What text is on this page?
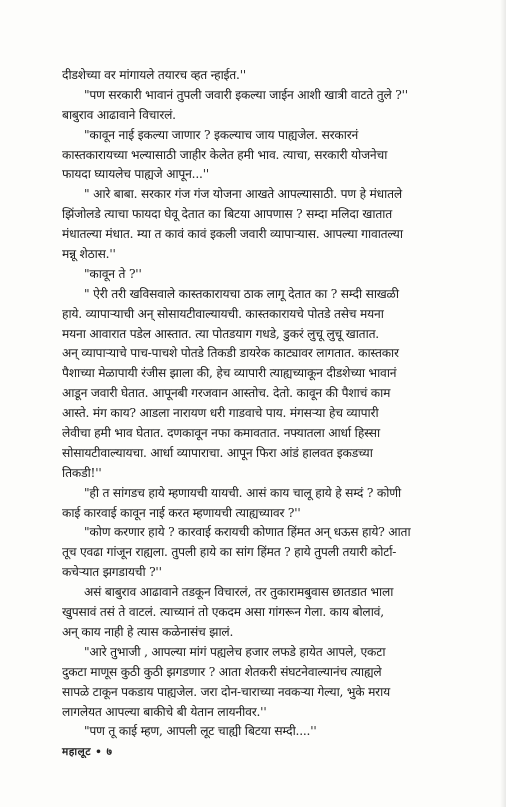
दीडशेच्या वर मांगायले तयारच व्हत न्हाईत.''
"पण सरकारी भावानं तुपली जवारी इकल्या जाईन आशी खात्री वाटते तुले ?''
बाबुराव आढावाने विचारलं.
"कावून नाई इकल्या जाणार ? इकल्याच जाय पाह्यजेल. सरकारनं
कास्तकारायच्या भल्यासाठी जाहीर केलेत हमी भाव. त्याचा, सरकारी योजनेचा
फायदा घ्यायलेच पाह्यजे आपून...''
" आरे बाबा. सरकार गंज गंज योजना आखते आपल्यासाठी. पण हे मंधातले
झिंजोलडे त्याचा फायदा घेवू देतात का बिटया आपणास ? सम्दा मलिदा खातात
मंधातल्या मंधात. म्या त कावं कावं इकली जवारी व्यापाऱ्यास. आपल्या गावातल्या
मन्नू शेठास.''
"कावून ते ?''
" ऐरी तरी खविसवाले कास्तकारायचा ठाक लागू देतात का ? सम्दी साखळी
हाये. व्यापाऱ्याची अन् सोसायटीवाल्यायची. कास्तकारायचे पोतडे तसेच मयना
मयना आवारात पडेल आस्तात. त्या पोतडयाग गधडे, डुकरं लुचू लुचू खातात.
अन् व्यापाऱ्याचे पाच-पाचशे पोतडे तिकडी डायरेक काट्यावर लागतात. कास्तकार
पैशाच्या मेळापायी रंजीस झाला की, हेच व्यापारी त्याह्यच्याकून दीडशेच्या भावानं
आडून जवारी घेतात. आपूनबी गरजवान आस्तोच. देतो. कावून की पैशाचं काम
आस्ते. मंग काय? आडला नारायण धरी गाडवाचे पाय. मंगसऱ्या हेच व्यापारी
लेवीचा हमी भाव घेतात. दणकावून नफा कमावतात. नफ्यातला आर्धा हिस्सा
सोसायटीवाल्यायचा. आर्धा व्यापाराचा. आपून फिरा आंडं हालवत इकडच्या
तिकडी!''
"ही त सांगडच हाये म्हणायची यायची. आसं काय चालू हाये हे सम्दं ? कोणी
काई कारवाई कावून नाई करत म्हणायची त्याह्यच्यावर ?''
"कोण करणार हाये ? कारवाई करायची कोणात हिंमत अन् धऊस हाये? आता
तूच एवढा गांजून राह्यला. तुपली हाये का सांग हिंमत ? हाये तुपली तयारी कोर्टा-
कचेऱ्यात झगडायची ?''
असं बाबुराव आढावाने तडकून विचारलं, तर तुकारामबुवास छातडात भाला
खुपसावं तसं ते वाटलं. त्याच्यानं तो एकदम असा गांगरून गेला. काय बोलावं,
अन् काय नाही हे त्यास कळेनासंच झालं.
"आरे तुभाजी , आपल्या मांगं पह्यलेच हजार लफडे हायेत आपले, एकटा
दुकटा माणूस कुठी कुठी झगडणार ? आता शेतकरी संघटनेवाल्यानंच त्याह्यले
सापळे टाकून पकडाय पाह्यजेल. जरा दोन-चाराच्या नवकऱ्या गेल्या, भुके मराय
लागलेयत आपल्या बाकीचे बी येतान लायनीवर.''
"पण तू काई म्हण, आपली लूट चाह्यी बिटया सम्दी....''
महालूट • ७
